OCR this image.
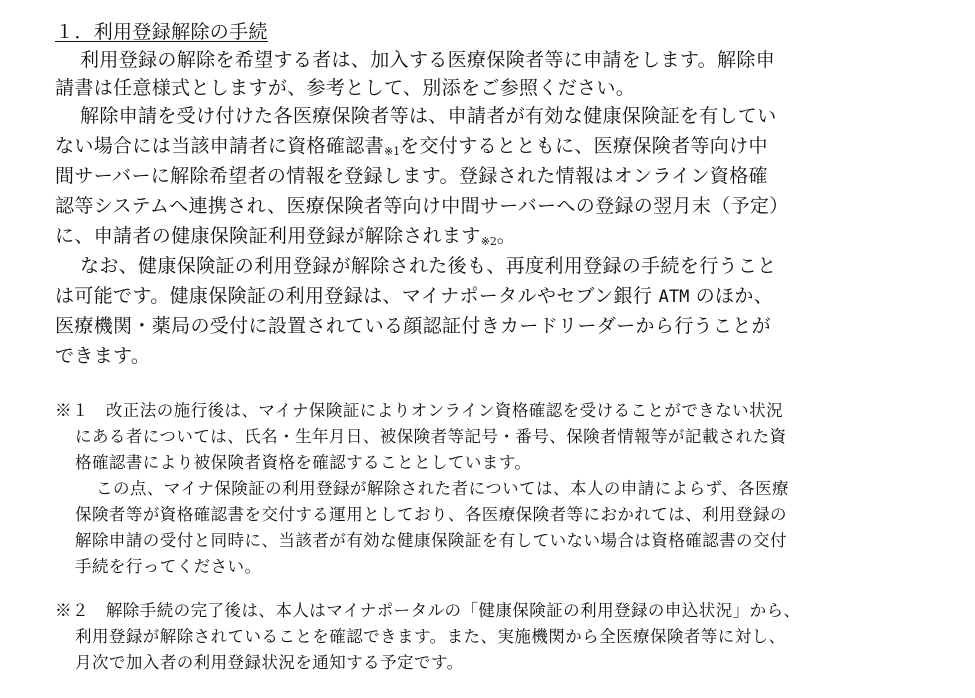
１．利用登録解除の手続
利用登録の解除を希望する者は、加入する医療保険者等に申請をします。解除申
請書は任意様式としますが、参考として、別添をご参照ください。
解除申請を受け付けた各医療保険者等は、申請者が有効な健康保険証を有してい
ない場合には当該申請者に資格確認書$_{※1}$を交付するとともに、医療保険者等向け中
間サーバーに解除希望者の情報を登録します。登録された情報はオンライン資格確
認等システムへ連携され、医療保険者等向け中間サーバーへの登録の翌月末（予定）
に、申請者の健康保険証利用登録が解除されます$_{※2}$。
なお、健康保険証の利用登録が解除された後も、再度利用登録の手続を行うこと
は可能です。健康保険証の利用登録は、マイナポータルやセブン銀行 ATM のほか、
医療機関・薬局の受付に設置されている顔認証付きカードリーダーから行うことが
できます。
※１　改正法の施行後は、マイナ保険証によりオンライン資格確認を受けることができない状況
にある者については、氏名・生年月日、被保険者等記号・番号、保険者情報等が記載された資
格確認書により被保険者資格を確認することとしています。
この点、マイナ保険証の利用登録が解除された者については、本人の申請によらず、各医療
保険者等が資格確認書を交付する運用としており、各医療保険者等におかれては、利用登録の
解除申請の受付と同時に、当該者が有効な健康保険証を有していない場合は資格確認書の交付
手続を行ってください。
※２　解除手続の完了後は、本人はマイナポータルの「健康保険証の利用登録の申込状況」から、
利用登録が解除されていることを確認できます。また、実施機関から全医療保険者等に対し、
月次で加入者の利用登録状況を通知する予定です。
